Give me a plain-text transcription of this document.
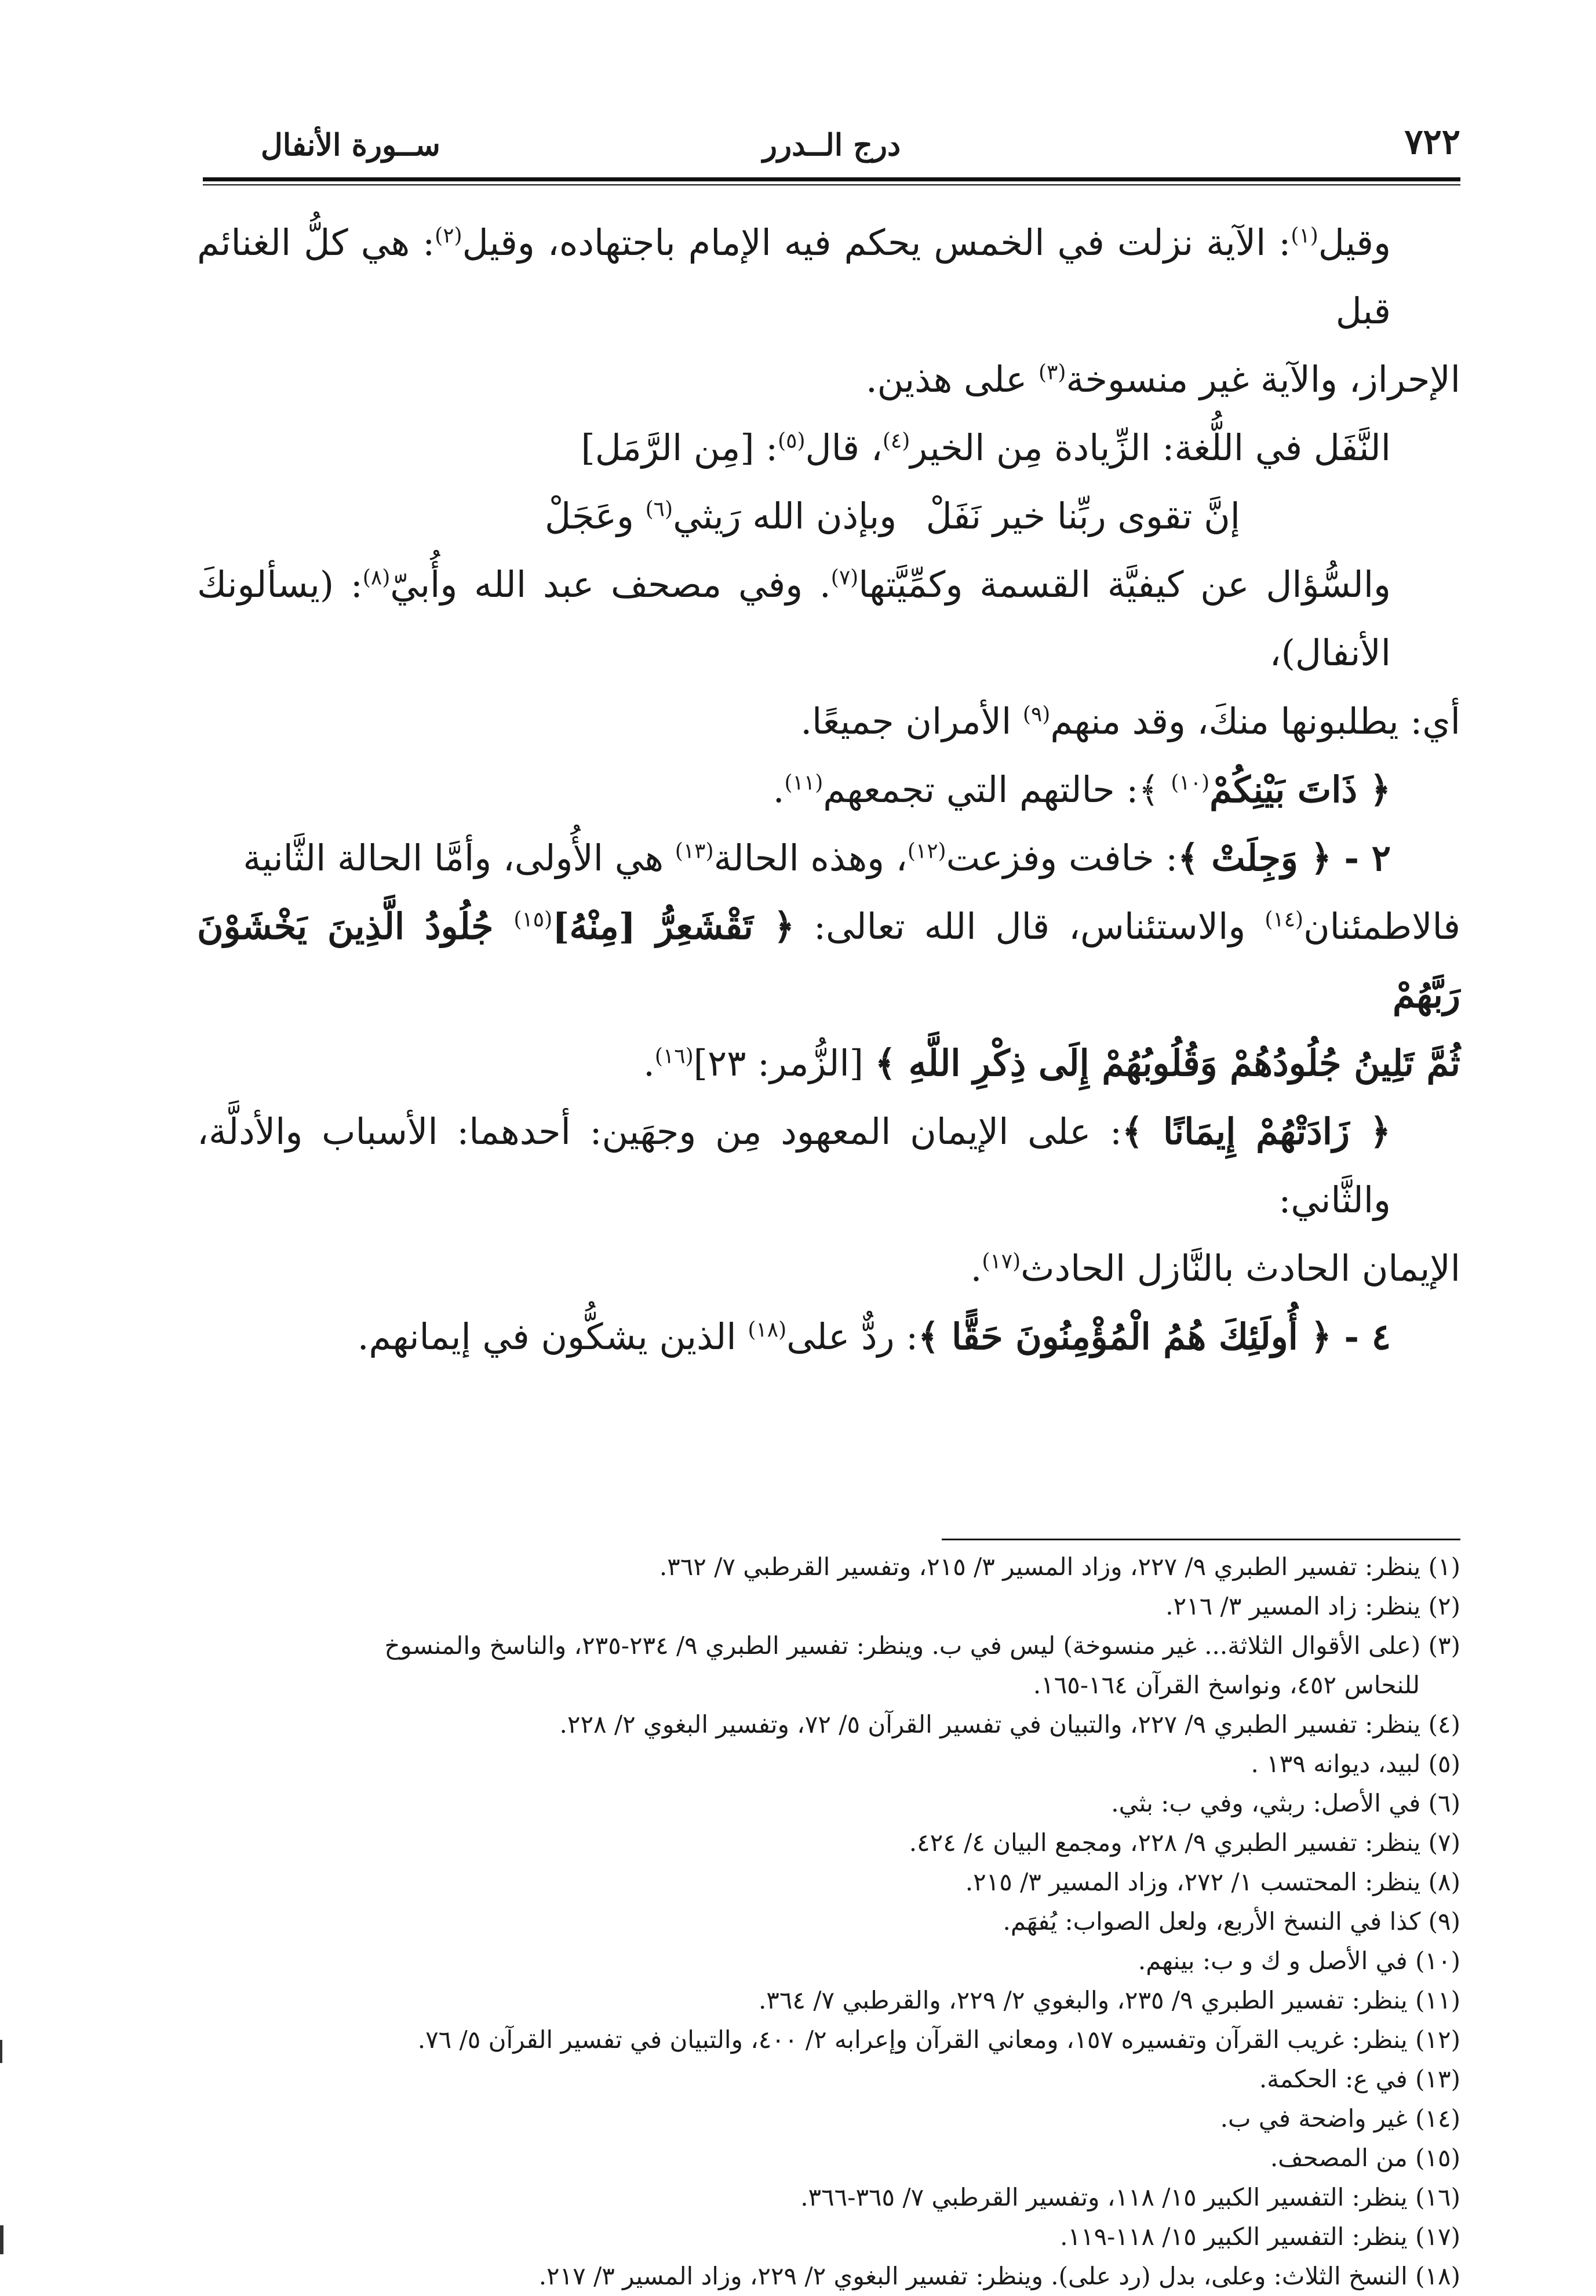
ســورة الأنفال	درج الــدرر	٧٢٢

وقيل$^{(١)}$: الآية نزلت في الخمس يحكم فيه الإمام باجتهاده، وقيل$^{(٢)}$: هي كلُّ الغنائم قبل

الإحراز، والآية غير منسوخة$^{(٣)}$ على هذين.

النَّفَل في اللُّغة: الزِّيادة مِن الخير$^{(٤)}$، قال$^{(٥)}$: [مِن الرَّمَل]

إنَّ تقوى ربِّنا خير نَفَلْ
وبإذن الله رَيثي$^{(٦)}$ وعَجَلْ

والسُّؤال عن كيفيَّة القسمة وكمِّيَّتها$^{(٧)}$. وفي مصحف عبد الله وأُبيّ$^{(٨)}$: (يسألونكَ الأنفال)،

أي: يطلبونها منكَ، وقد منهم$^{(٩)}$ الأمران جميعًا.

﴿ ذَاتَ بَيْنِكُمْ$^{(١٠)}$ ﴾: حالتهم التي تجمعهم$^{(١١)}$.

٢ - ﴿ وَجِلَتْ ﴾: خافت وفزعت$^{(١٢)}$، وهذه الحالة$^{(١٣)}$ هي الأُولى، وأمَّا الحالة الثَّانية

فالاطمئنان$^{(١٤)}$ والاستئناس، قال الله تعالى: ﴿ تَقْشَعِرُّ [مِنْهُ]$^{(١٥)}$ جُلُودُ الَّذِينَ يَخْشَوْنَ رَبَّهُمْ

ثُمَّ تَلِينُ جُلُودُهُمْ وَقُلُوبُهُمْ إِلَى ذِكْرِ اللَّهِ ﴾ [الزُّمر: ٢٣]$^{(١٦)}$.

﴿ زَادَتْهُمْ إِيمَانًا ﴾: على الإيمان المعهود مِن وجهَين: أحدهما: الأسباب والأدلَّة، والثَّاني:

الإيمان الحادث بالنَّازل الحادث$^{(١٧)}$.

٤ - ﴿ أُولَئِكَ هُمُ الْمُؤْمِنُونَ حَقًّا ﴾: ردٌّ على$^{(١٨)}$ الذين يشكُّون في إيمانهم.

(١) ينظر: تفسير الطبري ٩/ ٢٢٧، وزاد المسير ٣/ ٢١٥، وتفسير القرطبي ٧/ ٣٦٢.

(٢) ينظر: زاد المسير ٣/ ٢١٦.

(٣) (على الأقوال الثلاثة... غير منسوخة) ليس في ب. وينظر: تفسير الطبري ٩/ ٢٣٤-٢٣٥، والناسخ والمنسوخ

للنحاس ٤٥٢، ونواسخ القرآن ١٦٤-١٦٥.

(٤) ينظر: تفسير الطبري ٩/ ٢٢٧، والتبيان في تفسير القرآن ٥/ ٧٢، وتفسير البغوي ٢/ ٢٢٨.

(٥) لبيد، ديوانه ١٣٩ .

(٦) في الأصل: ربثي، وفي ب: بثي.

(٧) ينظر: تفسير الطبري ٩/ ٢٢٨، ومجمع البيان ٤/ ٤٢٤.

(٨) ينظر: المحتسب ١/ ٢٧٢، وزاد المسير ٣/ ٢١٥.

(٩) كذا في النسخ الأربع، ولعل الصواب: يُفهَم.

(١٠) في الأصل و ك و ب: بينهم.

(١١) ينظر: تفسير الطبري ٩/ ٢٣٥، والبغوي ٢/ ٢٢٩، والقرطبي ٧/ ٣٦٤.

(١٢) ينظر: غريب القرآن وتفسيره ١٥٧، ومعاني القرآن وإعرابه ٢/ ٤٠٠، والتبيان في تفسير القرآن ٥/ ٧٦.

(١٣) في ع: الحكمة.

(١٤) غير واضحة في ب.

(١٥) من المصحف.

(١٦) ينظر: التفسير الكبير ١٥/ ١١٨، وتفسير القرطبي ٧/ ٣٦٥-٣٦٦.

(١٧) ينظر: التفسير الكبير ١٥/ ١١٨-١١٩.

(١٨) النسخ الثلاث: وعلى، بدل (رد على). وينظر: تفسير البغوي ٢/ ٢٢٩، وزاد المسير ٣/ ٢١٧.
